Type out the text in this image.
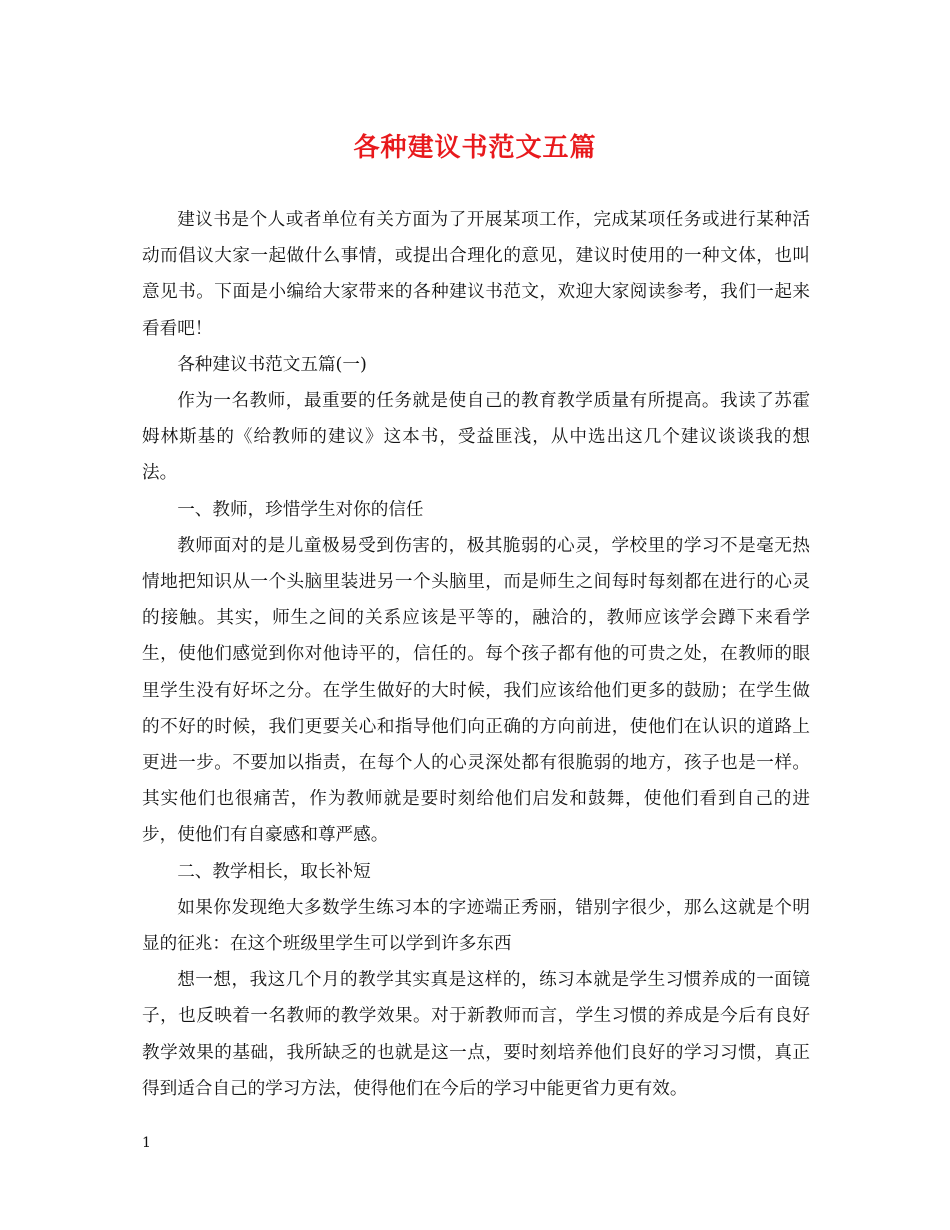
各种建议书范文五篇

建议书是个人或者单位有关方面为了开展某项工作，完成某项任务或进行某种活动而倡议大家一起做什么事情，或提出合理化的意见，建议时使用的一种文体，也叫意见书。下面是小编给大家带来的各种建议书范文，欢迎大家阅读参考，我们一起来看看吧！

各种建议书范文五篇(一)

作为一名教师，最重要的任务就是使自己的教育教学质量有所提高。我读了苏霍姆林斯基的《给教师的建议》这本书，受益匪浅，从中选出这几个建议谈谈我的想法。

一、教师，珍惜学生对你的信任

教师面对的是儿童极易受到伤害的，极其脆弱的心灵，学校里的学习不是毫无热情地把知识从一个头脑里装进另一个头脑里，而是师生之间每时每刻都在进行的心灵的接触。其实，师生之间的关系应该是平等的，融洽的，教师应该学会蹲下来看学生，使他们感觉到你对他诗平的，信任的。每个孩子都有他的可贵之处，在教师的眼里学生没有好坏之分。在学生做好的大时候，我们应该给他们更多的鼓励；在学生做的不好的时候，我们更要关心和指导他们向正确的方向前进，使他们在认识的道路上更进一步。不要加以指责，在每个人的心灵深处都有很脆弱的地方，孩子也是一样。其实他们也很痛苦，作为教师就是要时刻给他们启发和鼓舞，使他们看到自己的进步，使他们有自豪感和尊严感。

二、教学相长，取长补短

如果你发现绝大多数学生练习本的字迹端正秀丽，错别字很少，那么这就是个明显的征兆：在这个班级里学生可以学到许多东西

想一想，我这几个月的教学其实真是这样的，练习本就是学生习惯养成的一面镜子，也反映着一名教师的教学效果。对于新教师而言，学生习惯的养成是今后有良好教学效果的基础，我所缺乏的也就是这一点，要时刻培养他们良好的学习习惯，真正得到适合自己的学习方法，使得他们在今后的学习中能更省力更有效。

1
